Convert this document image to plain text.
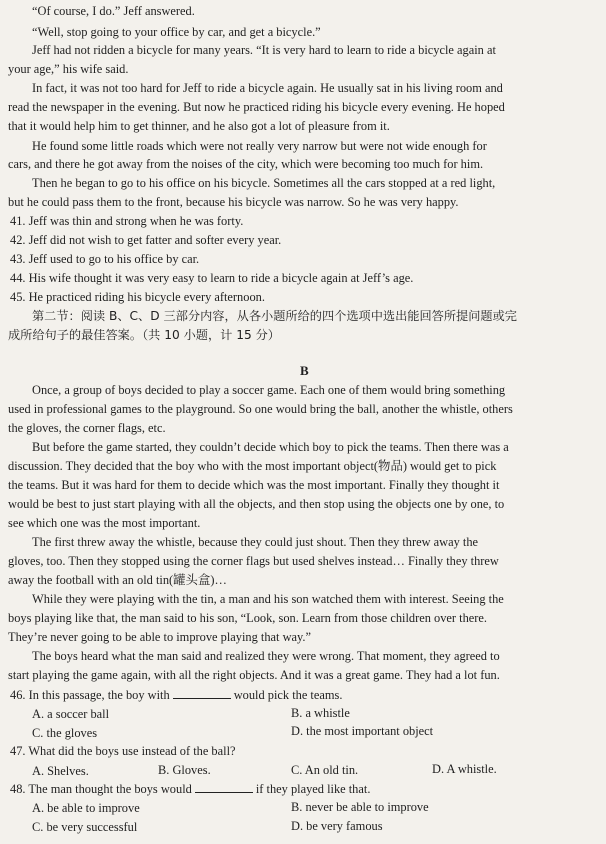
“Of course, I do.” Jeff answered.
“Well, stop going to your office by car, and get a bicycle.”
Jeff had not ridden a bicycle for many years. “It is very hard to learn to ride a bicycle again at
your age,” his wife said.
In fact, it was not too hard for Jeff to ride a bicycle again. He usually sat in his living room and
read the newspaper in the evening. But now he practiced riding his bicycle every evening. He hoped
that it would help him to get thinner, and he also got a lot of pleasure from it.
He found some little roads which were not really very narrow but were not wide enough for
cars, and there he got away from the noises of the city, which were becoming too much for him.
Then he began to go to his office on his bicycle. Sometimes all the cars stopped at a red light,
but he could pass them to the front, because his bicycle was narrow. So he was very happy.
41. Jeff was thin and strong when he was forty.
42. Jeff did not wish to get fatter and softer every year.
43. Jeff used to go to his office by car.
44. His wife thought it was very easy to learn to ride a bicycle again at Jeff’s age.
45. He practiced riding his bicycle every afternoon.
第二节：阅读 B、C、D 三部分内容，从各小题所给的四个选项中选出能回答所提问题或完
成所给句子的最佳答案。（共 10 小题，计 15 分）
B
Once, a group of boys decided to play a soccer game. Each one of them would bring something
used in professional games to the playground. So one would bring the ball, another the whistle, others
the gloves, the corner flags, etc.
But before the game started, they couldn’t decide which boy to pick the teams. Then there was a
discussion. They decided that the boy who with the most important object(物品) would get to pick
the teams. But it was hard for them to decide which was the most important. Finally they thought it
would be best to just start playing with all the objects, and then stop using the objects one by one, to
see which one was the most important.
The first threw away the whistle, because they could just shout. Then they threw away the
gloves, too. Then they stopped using the corner flags but used shelves instead… Finally they threw
away the football with an old tin(罐头盒)…
While they were playing with the tin, a man and his son watched them with interest. Seeing the
boys playing like that, the man said to his son, “Look, son. Learn from those children over there.
They’re never going to be able to improve playing that way.”
The boys heard what the man said and realized they were wrong. That moment, they agreed to
start playing the game again, with all the right objects. And it was a great game. They had a lot fun.
46. In this passage, the boy with	would pick the teams.
A. a soccer ball	B. a whistle
C. the gloves	D. the most important object
47. What did the boys use instead of the ball?
A. Shelves.	B. Gloves.	C. An old tin.	D. A whistle.
48. The man thought the boys would	if they played like that.
A. be able to improve	B. never be able to improve
C. be very successful	D. be very famous
